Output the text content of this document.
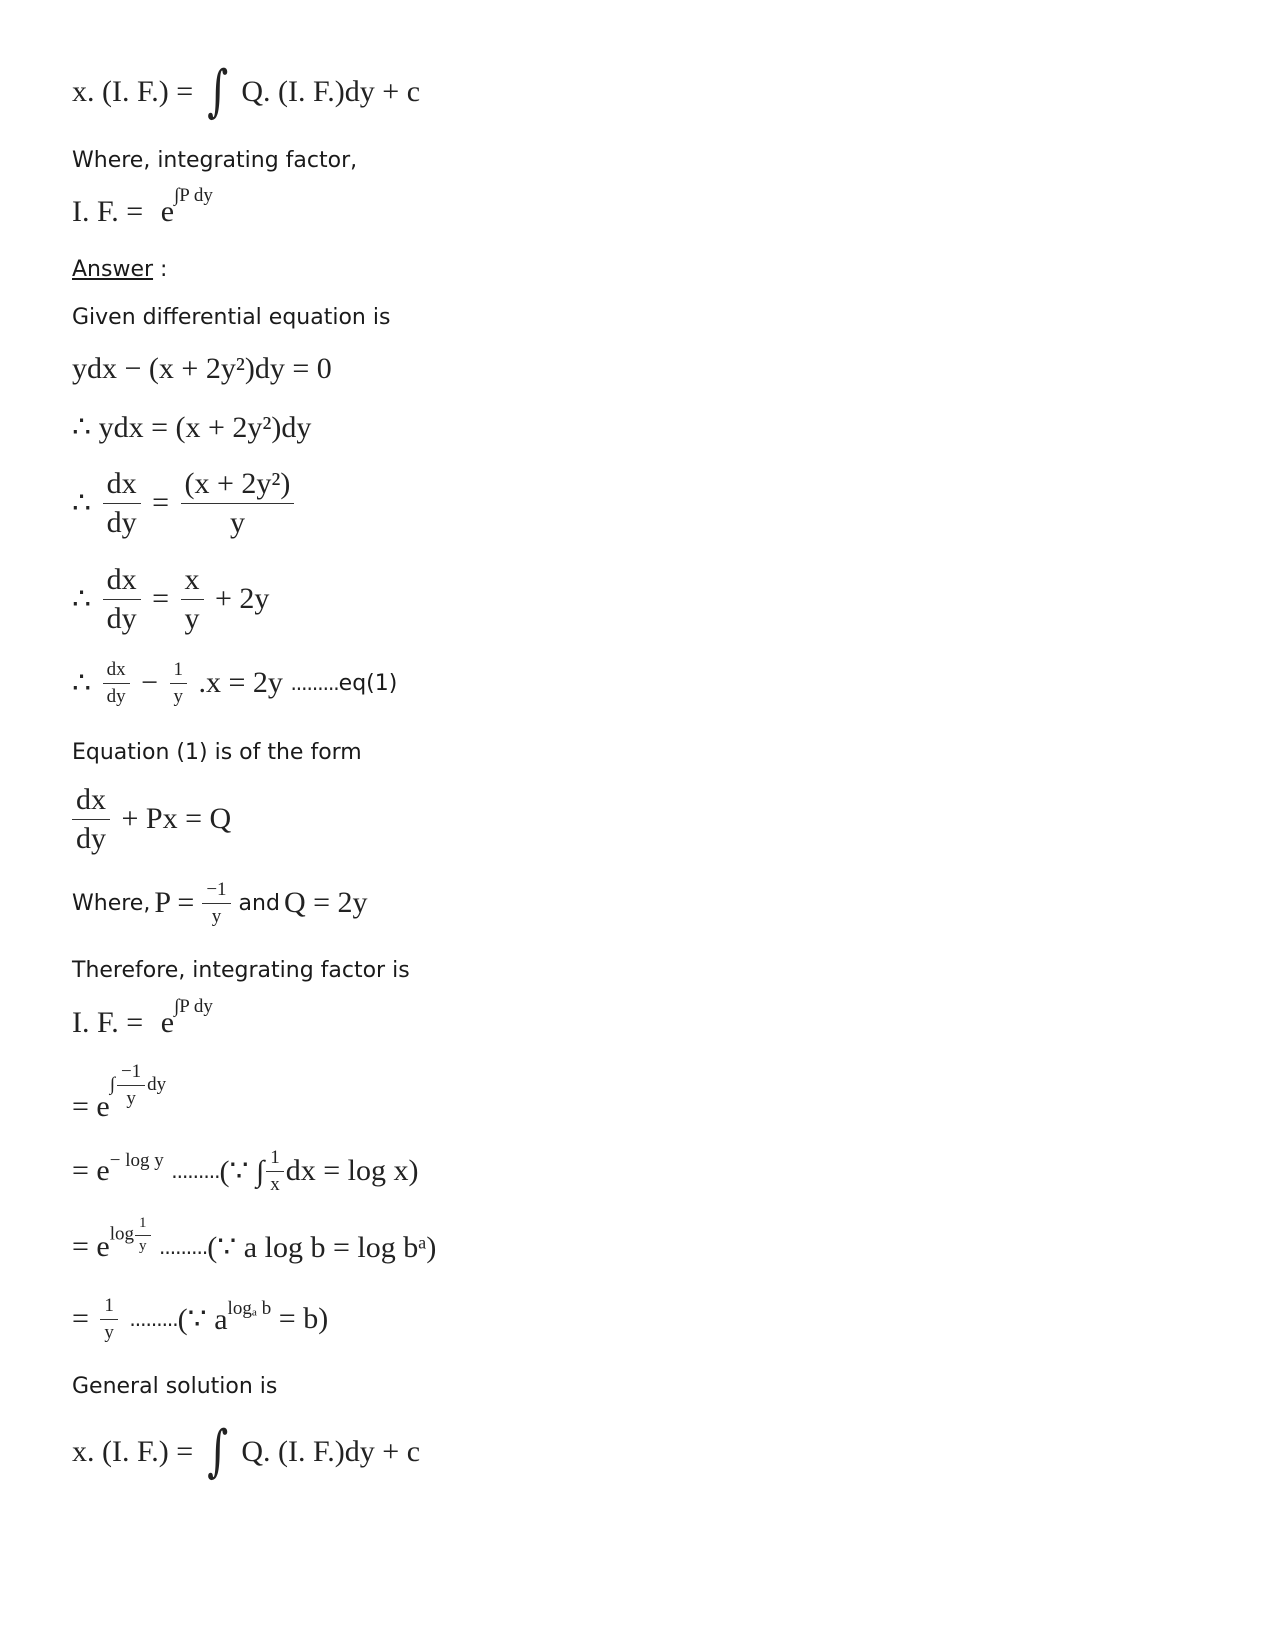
x. (I. F.) = ∫ Q. (I. F.)dy + c
Where, integrating factor,
I. F. = e∫P dy
Answer :
Given differential equation is
ydx − (x + 2y²)dy = 0
∴ ydx = (x + 2y²)dy
∴ $\frac{dx}{dy} = \frac{\text{(x + 2y²)}}{y}$
∴ $\frac{dx}{dy} = \frac{x}{y} + 2y$
∴ $\frac{dx}{dy} - \frac{1}{y} .x = 2y$ .........eq(1)
Equation (1) is of the form
$\frac{dx}{dy} + Px = Q$
Where, $P = \frac{-1}{y}$ and Q = 2y
Therefore, integrating factor is
I. F. = e∫P dy
= $e\int \frac{-1}{y}$ dy
= e− log y .........(∵ ∫ $\frac{1}{x}$ dx = log x)
= elog $\frac{1}{y}$ .........(∵ a log b = log bᵃ)
= $\frac{1}{y}$ .........(∵ alogₐ b = b)
General solution is
x. (I. F.) = ∫ Q. (I. F.)dy + c
